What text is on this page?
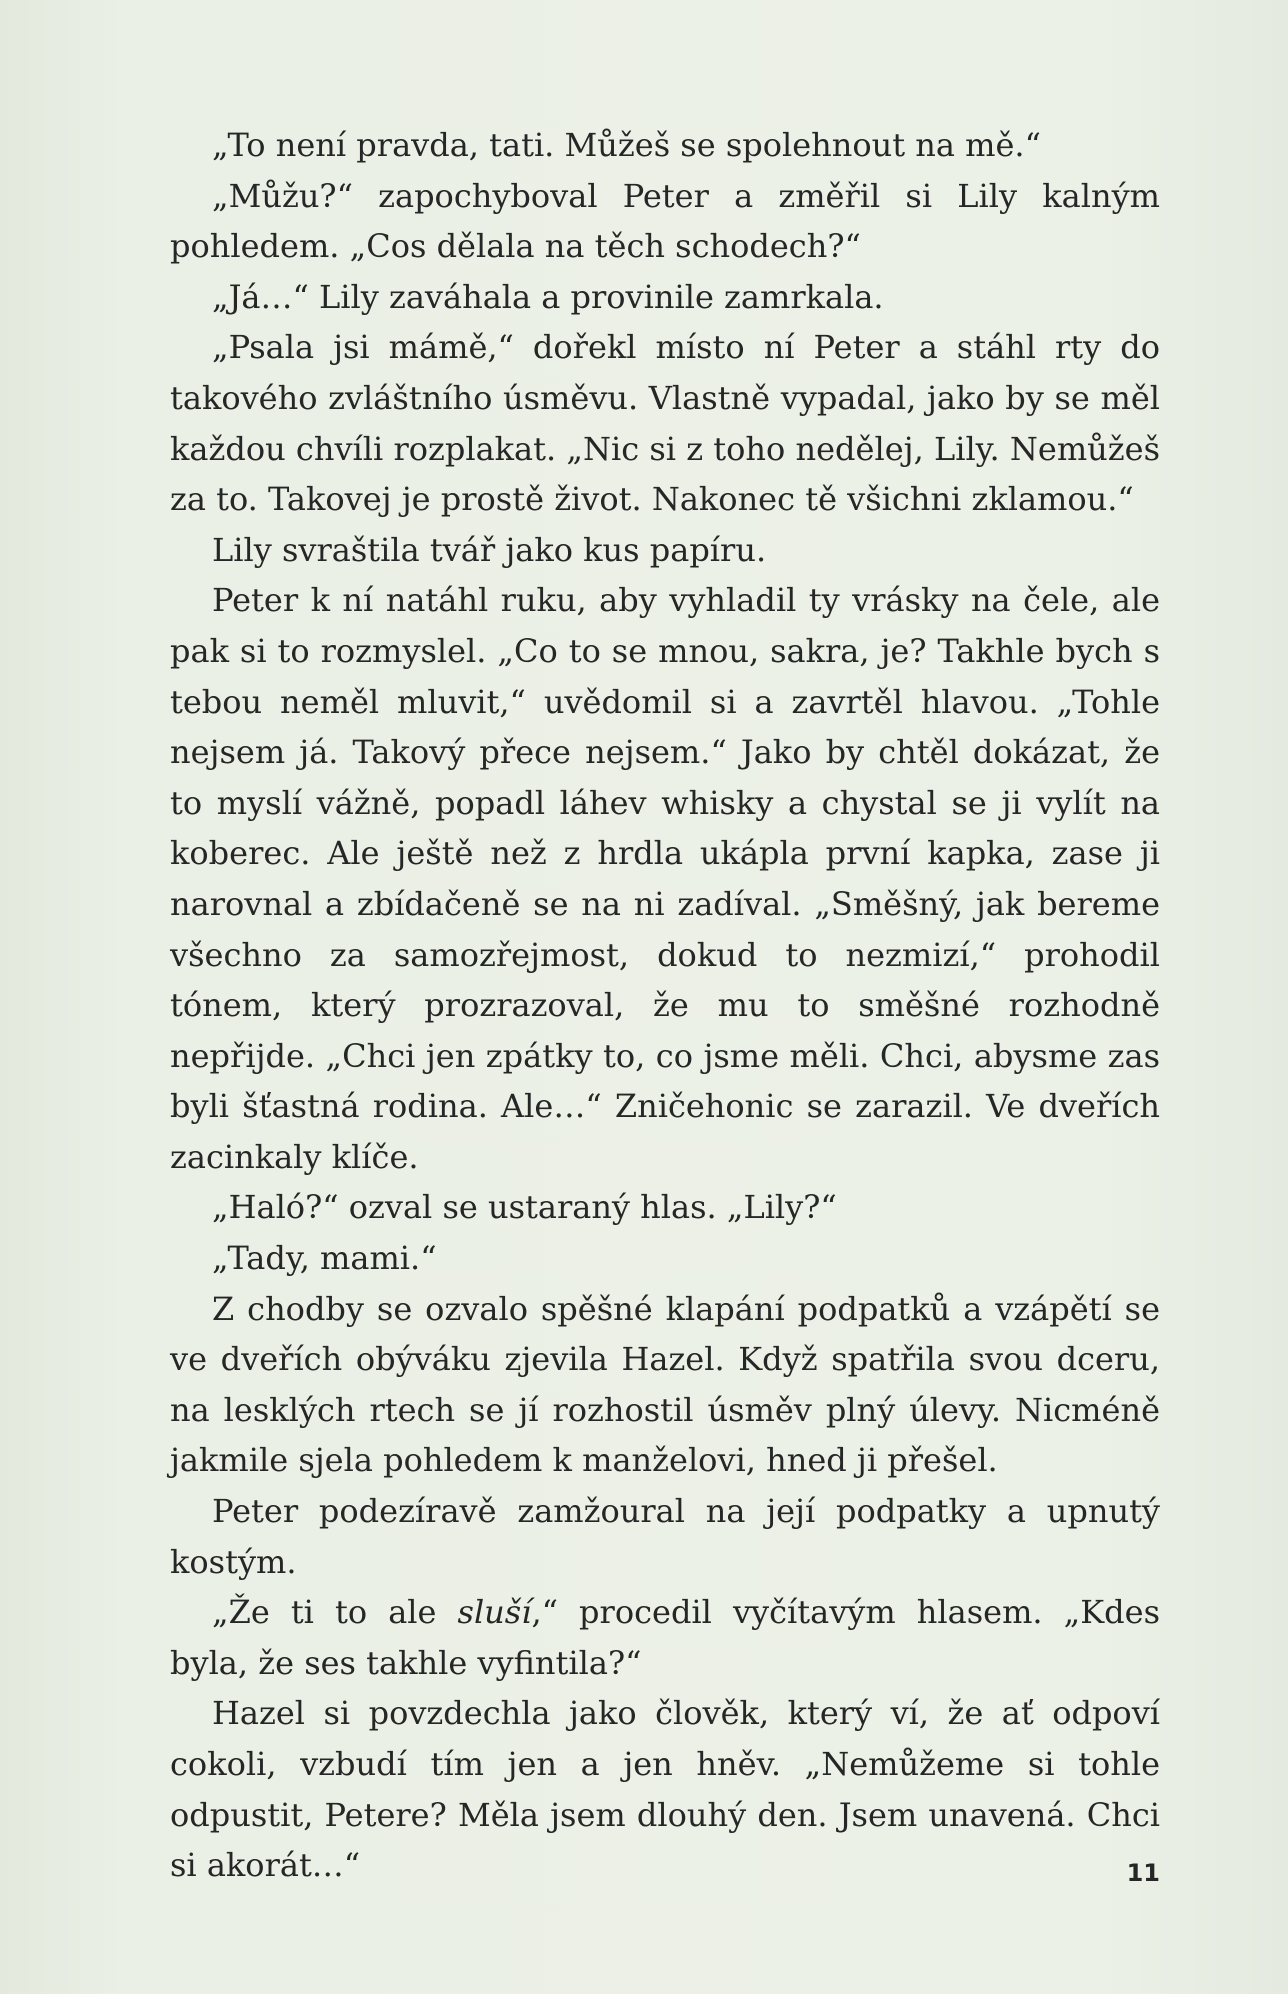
„To není pravda, tati. Můžeš se spolehnout na mě.“

„Můžu?“ zapochyboval Peter a změřil si Lily kalným pohledem. „Cos dělala na těch schodech?“

„Já…“ Lily zaváhala a provinile zamrkala.

„Psala jsi mámě,“ dořekl místo ní Peter a stáhl rty do takového zvláštního úsměvu. Vlastně vypadal, jako by se měl každou chvíli rozplakat. „Nic si z toho nedělej, Lily. Nemůžeš za to. Takovej je prostě život. Nakonec tě všichni zklamou.“

Lily svraštila tvář jako kus papíru.

Peter k ní natáhl ruku, aby vyhladil ty vrásky na čele, ale pak si to rozmyslel. „Co to se mnou, sakra, je? Takhle bych s tebou neměl mluvit,“ uvědomil si a zavrtěl hlavou. „Tohle nejsem já. Takový přece nejsem.“ Jako by chtěl dokázat, že to myslí vážně, popadl láhev whisky a chystal se ji vylít na koberec. Ale ještě než z hrdla ukápla první kapka, zase ji narovnal a zbídačeně se na ni zadíval. „Směšný, jak bereme všechno za samozřejmost, dokud to nezmizí,“ prohodil tónem, který prozrazoval, že mu to směšné rozhodně nepřijde. „Chci jen zpátky to, co jsme měli. Chci, abysme zas byli šťastná rodina. Ale…“ Zničehonic se zarazil. Ve dveřích zacinkaly klíče.

„Haló?“ ozval se ustaraný hlas. „Lily?“

„Tady, mami.“

Z chodby se ozvalo spěšné klapání podpatků a vzápětí se ve dveřích obýváku zjevila Hazel. Když spatřila svou dceru, na lesklých rtech se jí rozhostil úsměv plný úlevy. Nicméně jakmile sjela pohledem k manželovi, hned ji přešel.

Peter podezíravě zamžoural na její podpatky a upnutý kostým.

„Že ti to ale sluší,“ procedil vyčítavým hlasem. „Kdes byla, že ses takhle vyfintila?“

Hazel si povzdechla jako člověk, který ví, že ať odpoví cokoli, vzbudí tím jen a jen hněv. „Nemůžeme si tohle odpustit, Petere? Měla jsem dlouhý den. Jsem unavená. Chci si akorát…“	11
